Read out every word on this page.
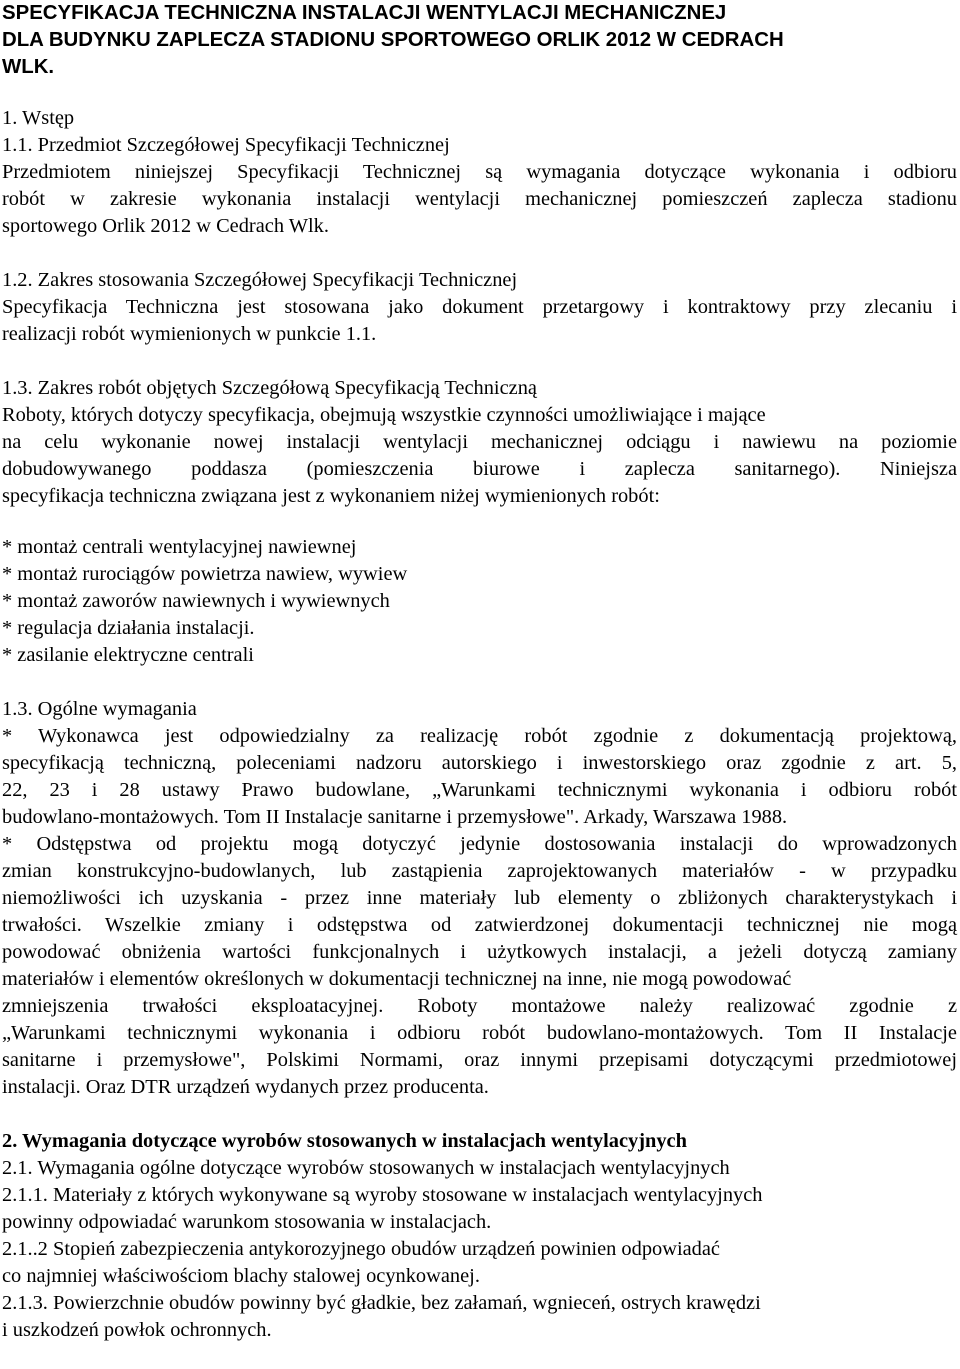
SPECYFIKACJA TECHNICZNA INSTALACJI WENTYLACJI MECHANICZNEJ

DLA BUDYNKU ZAPLECZA STADIONU SPORTOWEGO ORLIK 2012 W CEDRACH

WLK.

1. Wstęp

1.1. Przedmiot Szczegółowej Specyfikacji Technicznej

Przedmiotem niniejszej Specyfikacji Technicznej są wymagania dotyczące wykonania i odbioru

robót w zakresie wykonania instalacji wentylacji mechanicznej pomieszczeń zaplecza stadionu

sportowego Orlik 2012 w Cedrach Wlk.

1.2. Zakres stosowania Szczegółowej Specyfikacji Technicznej

Specyfikacja Techniczna jest stosowana jako dokument przetargowy i kontraktowy przy zlecaniu i

realizacji robót wymienionych w punkcie 1.1.

1.3. Zakres robót objętych Szczegółową Specyfikacją Techniczną

Roboty, których dotyczy specyfikacja, obejmują wszystkie czynności umożliwiające i mające

na celu wykonanie nowej instalacji wentylacji mechanicznej odciągu i nawiewu na poziomie

dobudowywanego poddasza (pomieszczenia biurowe i zaplecza sanitarnego). Niniejsza

specyfikacja techniczna związana jest z wykonaniem niżej wymienionych robót:

* montaż centrali wentylacyjnej nawiewnej
* montaż rurociągów powietrza nawiew, wywiew
* montaż zaworów nawiewnych i wywiewnych
* regulacja działania instalacji.
* zasilanie elektryczne centrali

1.3. Ogólne wymagania

* Wykonawca jest odpowiedzialny za realizację robót zgodnie z dokumentacją projektową,

specyfikacją techniczną, poleceniami nadzoru autorskiego i inwestorskiego oraz zgodnie z art. 5,

22, 23 i 28 ustawy Prawo budowlane, „Warunkami technicznymi wykonania i odbioru robót

budowlano-montażowych. Tom II Instalacje sanitarne i przemysłowe". Arkady, Warszawa 1988.

* Odstępstwa od projektu mogą dotyczyć jedynie dostosowania instalacji do wprowadzonych

zmian konstrukcyjno-budowlanych, lub zastąpienia zaprojektowanych materiałów - w przypadku

niemożliwości ich uzyskania - przez inne materiały lub elementy o zbliżonych charakterystykach i

trwałości. Wszelkie zmiany i odstępstwa od zatwierdzonej dokumentacji technicznej nie mogą

powodować obniżenia wartości funkcjonalnych i użytkowych instalacji, a jeżeli dotyczą zamiany

materiałów i elementów określonych w dokumentacji technicznej na inne, nie mogą powodować

zmniejszenia trwałości eksploatacyjnej. Roboty montażowe należy realizować zgodnie z

„Warunkami technicznymi wykonania i odbioru robót budowlano-montażowych. Tom II Instalacje

sanitarne i przemysłowe", Polskimi Normami, oraz innymi przepisami dotyczącymi przedmiotowej

instalacji. Oraz DTR urządzeń wydanych przez producenta.

2. Wymagania dotyczące wyrobów stosowanych w instalacjach wentylacyjnych

2.1. Wymagania ogólne dotyczące wyrobów stosowanych w instalacjach wentylacyjnych

2.1.1. Materiały z których wykonywane są wyroby stosowane w instalacjach wentylacyjnych

powinny odpowiadać warunkom stosowania w instalacjach.

2.1..2 Stopień zabezpieczenia antykorozyjnego obudów urządzeń powinien odpowiadać

co najmniej właściwościom blachy stalowej ocynkowanej.

2.1.3. Powierzchnie obudów powinny być gładkie, bez załamań, wgnieceń, ostrych krawędzi

i uszkodzeń powłok ochronnych.
